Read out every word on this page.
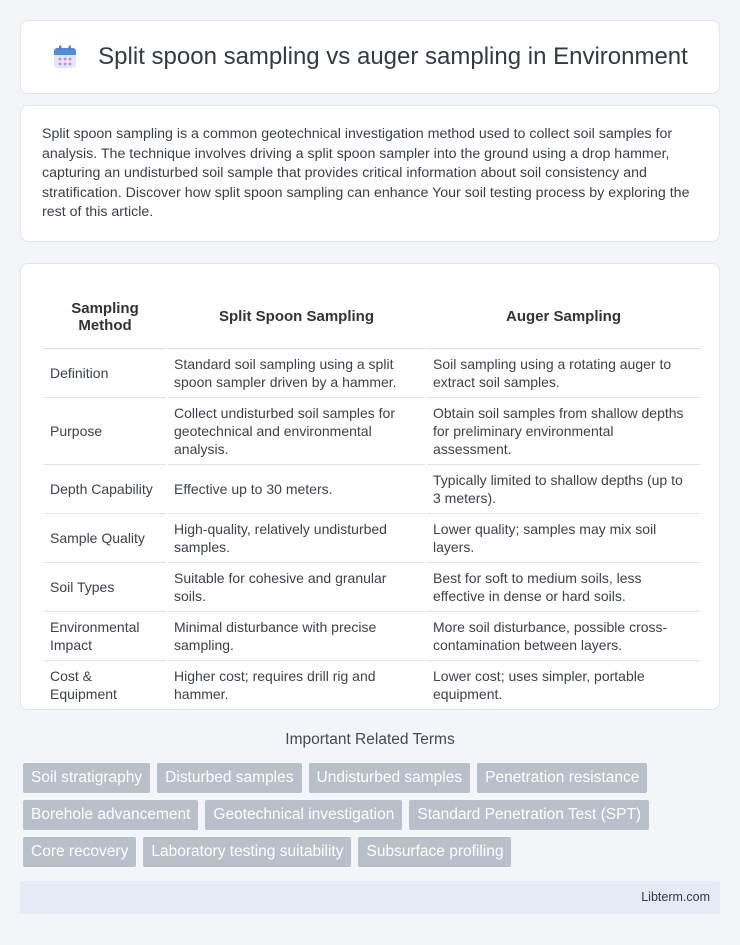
Split spoon sampling vs auger sampling in Environment

Split spoon sampling is a common geotechnical investigation method used to collect soil samples for analysis. The technique involves driving a split spoon sampler into the ground using a drop hammer, capturing an undisturbed soil sample that provides critical information about soil consistency and stratification. Discover how split spoon sampling can enhance Your soil testing process by exploring the rest of this article.

Sampling Method	Split Spoon Sampling	Auger Sampling
Definition	Standard soil sampling using a split spoon sampler driven by a hammer.	Soil sampling using a rotating auger to extract soil samples.
Purpose	Collect undisturbed soil samples for geotechnical and environmental analysis.	Obtain soil samples from shallow depths for preliminary environmental assessment.
Depth Capability	Effective up to 30 meters.	Typically limited to shallow depths (up to 3 meters).
Sample Quality	High-quality, relatively undisturbed samples.	Lower quality; samples may mix soil layers.
Soil Types	Suitable for cohesive and granular soils.	Best for soft to medium soils, less effective in dense or hard soils.
Environmental Impact	Minimal disturbance with precise sampling.	More soil disturbance, possible cross-contamination between layers.
Cost & Equipment	Higher cost; requires drill rig and hammer.	Lower cost; uses simpler, portable equipment.
Important Related Terms
Soil stratigraphy	Disturbed samples	Undisturbed samples	Penetration resistance
Borehole advancement	Geotechnical investigation	Standard Penetration Test (SPT)
Core recovery	Laboratory testing suitability	Subsurface profiling
Libterm.com
